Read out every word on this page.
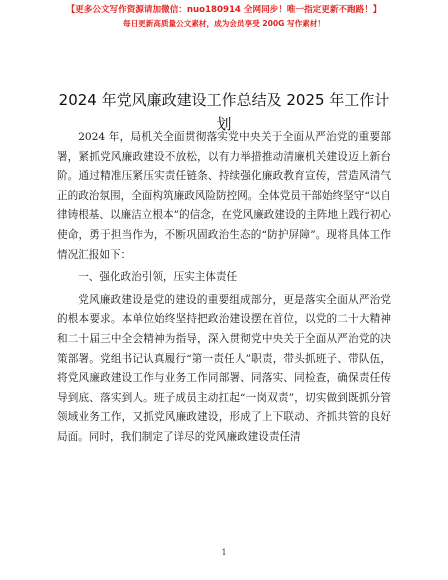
【更多公文写作资源请加微信：nuo180914 全网同步！唯一指定更新不跑路！】
每日更新高质量公文素材，成为会员享受 200G 写作素材！
2024 年党风廉政建设工作总结及 2025 年工作计划

2024 年，局机关全面贯彻落实党中央关于全面从严治党的重要部署，紧抓党风廉政建设不放松，以有力举措推动清廉机关建设迈上新台阶。通过精准压紧压实责任链条、持续强化廉政教育宣传，营造风清气正的政治氛围，全面构筑廉政风险防控网。全体党员干部始终坚守“以自律铸根基、以廉洁立根本”的信念，在党风廉政建设的主阵地上践行初心使命，勇于担当作为，不断巩固政治生态的“防护屏障”。现将具体工作情况汇报如下：

一、强化政治引领，压实主体责任

党风廉政建设是党的建设的重要组成部分，更是落实全面从严治党的根本要求。本单位始终坚持把政治建设摆在首位，以党的二十大精神和二十届三中全会精神为指导，深入贯彻党中央关于全面从严治党的决策部署。党组书记认真履行“第一责任人”职责，带头抓班子、带队伍，将党风廉政建设工作与业务工作同部署、同落实、同检查，确保责任传导到底、落实到人。班子成员主动扛起“一岗双责”，切实做到既抓分管领域业务工作，又抓党风廉政建设，形成了上下联动、齐抓共管的良好局面。同时，我们制定了详尽的党风廉政建设责任清

1
